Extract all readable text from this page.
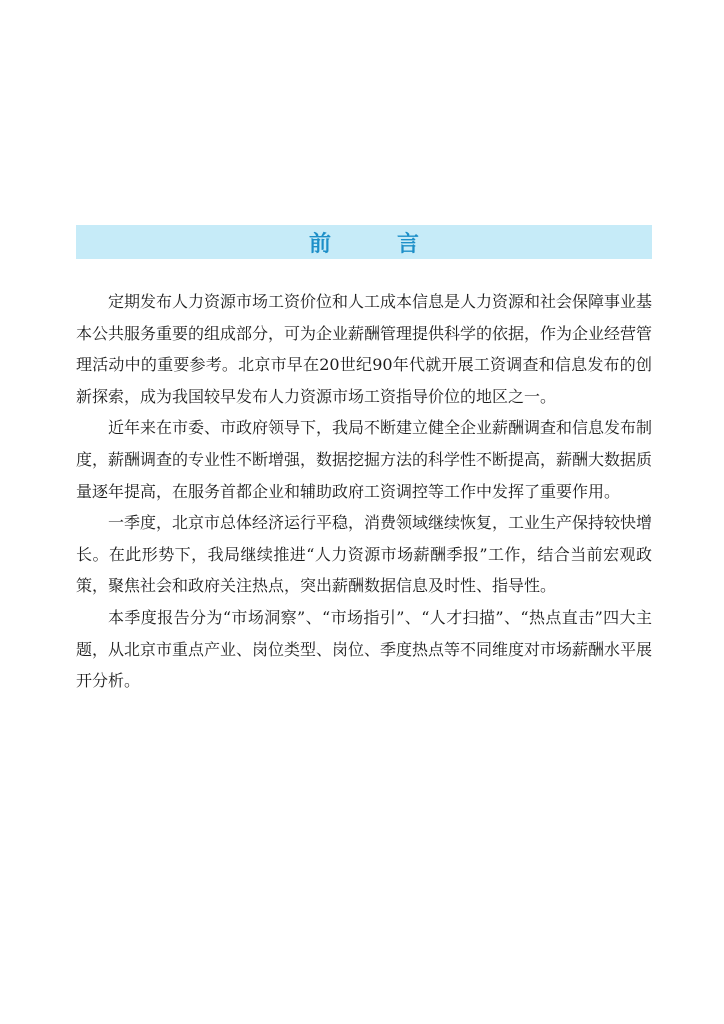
前　言

定期发布人力资源市场工资价位和人工成本信息是人力资源和社会保障事业基本公共服务重要的组成部分，可为企业薪酬管理提供科学的依据，作为企业经营管理活动中的重要参考。北京市早在20世纪90年代就开展工资调查和信息发布的创新探索，成为我国较早发布人力资源市场工资指导价位的地区之一。

近年来在市委、市政府领导下，我局不断建立健全企业薪酬调查和信息发布制度，薪酬调查的专业性不断增强，数据挖掘方法的科学性不断提高，薪酬大数据质量逐年提高，在服务首都企业和辅助政府工资调控等工作中发挥了重要作用。

一季度，北京市总体经济运行平稳，消费领域继续恢复，工业生产保持较快增长。在此形势下，我局继续推进“人力资源市场薪酬季报”工作，结合当前宏观政策，聚焦社会和政府关注热点，突出薪酬数据信息及时性、指导性。

本季度报告分为“市场洞察”、“市场指引”、“人才扫描”、“热点直击”四大主题，从北京市重点产业、岗位类型、岗位、季度热点等不同维度对市场薪酬水平展开分析。
